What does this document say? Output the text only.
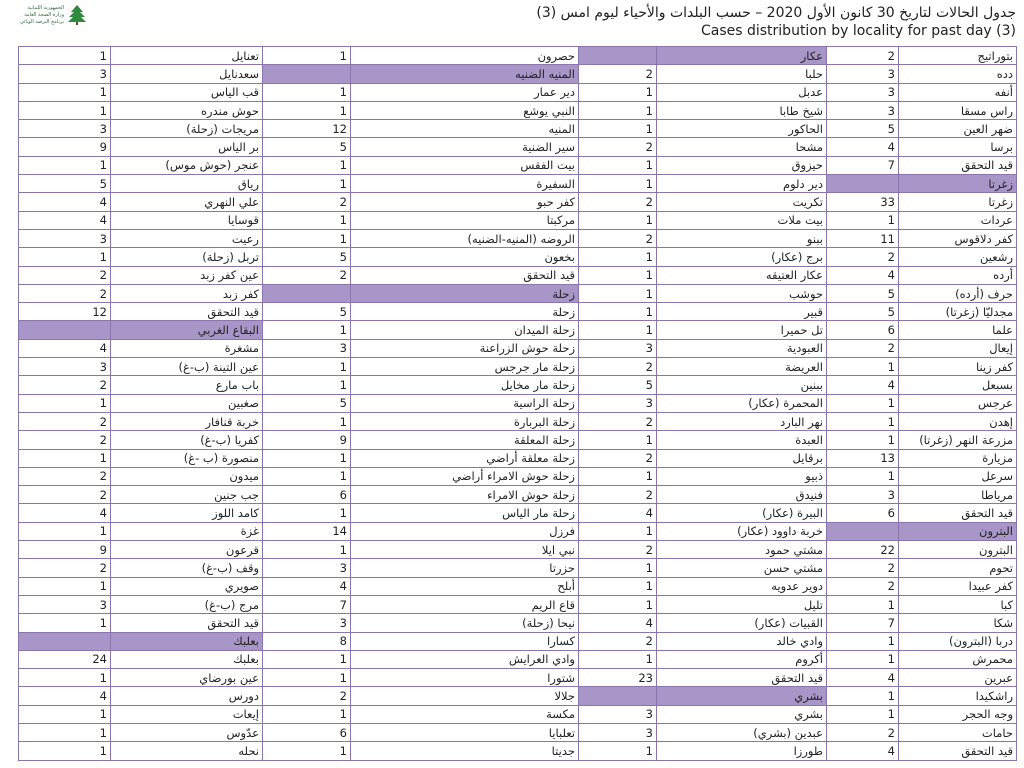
الجمهورية اللبنانية
وزارة الصحة العامة
برنامج الترصد الوبائي
جدول الحالات لتاريخ 30 كانون الأول 2020 – حسب البلدات والأحياء ليوم امس (3)
Cases distribution by locality for past day (3)
1	تعنايل	1	حصرون		عكار	2	بتوراتيج
3	سعدنايل		المنيه الضنيه	2	حلبا	3	دده
1	قب الياس	1	دير عمار	1	عدبل	3	أنفه
1	حوش مندره	1	النبي يوشع	1	شيخ طابا	3	راس مسقا
3	مريجات (زحلة)	12	المنيه	1	الحاكور	5	ضهر العين
9	بر الياس	5	سير الضنية	2	مشحا	4	برسا
1	عنجر (حوش موس)	1	بيت الفقس	1	حيزوق	7	قيد التحقق
5	رياق	1	السفيرة	1	دير دلوم		زغرتا
4	علي النهري	2	كفر حبو	2	تكريت	33	زغرتا
4	قوسايا	1	مركبتا	1	بيت ملات	1	عردات
3	رعيت	1	الروضه (المنيه-الضنيه)	2	ببنو	11	كفر دلاقوس
1	تربل (زحلة)	5	بخعون	1	برج (عكار)	2	رشعين
2	عين كفر زبد	2	قيد التحقق	1	عكار العتيقه	4	أرده
2	كفر زبد		زحلة	1	حوشب	5	حرف (أرده)
12	قيد التحقق	5	زحلة	1	قبير	5	مجدليّا (زغرتا)
	البقاع الغربي	1	زحلة الميدان	1	تل حميرا	6	علما
4	مشغرة	3	زحلة حوش الزراعنة	3	العبودية	2	إيعال
3	عين التينة (ب-غ)	1	زحلة مار جرجس	2	العريضة	1	كفر زينا
2	باب مارع	1	زحلة مار مخايل	5	ببنين	4	بسبعل
1	صغبين	5	زحلة الراسية	3	المحمرة (عكار)	1	عرجس
2	خربة قنافار	1	زحلة البربارة	2	نهر البارد	1	إهدن
2	كفريا (ب-غ)	9	زحلة المعلقة	1	العبدة	1	مزرعة النهر (زغرتا)
1	منصورة (ب -غ)	1	زحلة معلقة أراضي	2	برقايل	13	مزيارة
2	ميدون	1	زحلة حوش الامراء أراضي	1	ذبيو	1	سرعل
2	جب جنين	6	زحلة حوش الامراء	2	فنيدق	3	مرياطا
4	كامد اللوز	1	زحلة مار الياس	4	البيرة (عكار)	6	قيد التحقق
1	غزة	14	فرزل	1	خربة داوود (عكار)		البترون
9	قرعون	1	نبي ايلا	2	مشتي حمود	22	البترون
2	وقف (ب-غ)	3	حزرتا	1	مشتي حسن	2	تحوم
1	صويري	4	أبلح	1	دوير عدويه	2	كفر عبيدا
3	مرج (ب-غ)	7	قاع الريم	1	تليل	1	كبا
1	قيد التحقق	3	نيحا (زحلة)	4	القبيات (عكار)	7	شكا
	بعلبك	8	كسارا	2	وادي خالد	1	دربا (البترون)
24	بعلبك	1	وادي العرايش	1	أكروم	1	محمرش
1	عين بورضاي	1	شتورا	23	قيد التحقق	4	عبرين
4	دورس	2	جلالا		بشري	1	راشكيدا
1	إيعات	1	مكسة	3	بشري	1	وجه الحجر
1	عدّوس	6	تعلبايا	3	عبدين (بشري)	2	حامات
1	نحله	1	جديتا	1	طورزا	4	قيد التحقق
